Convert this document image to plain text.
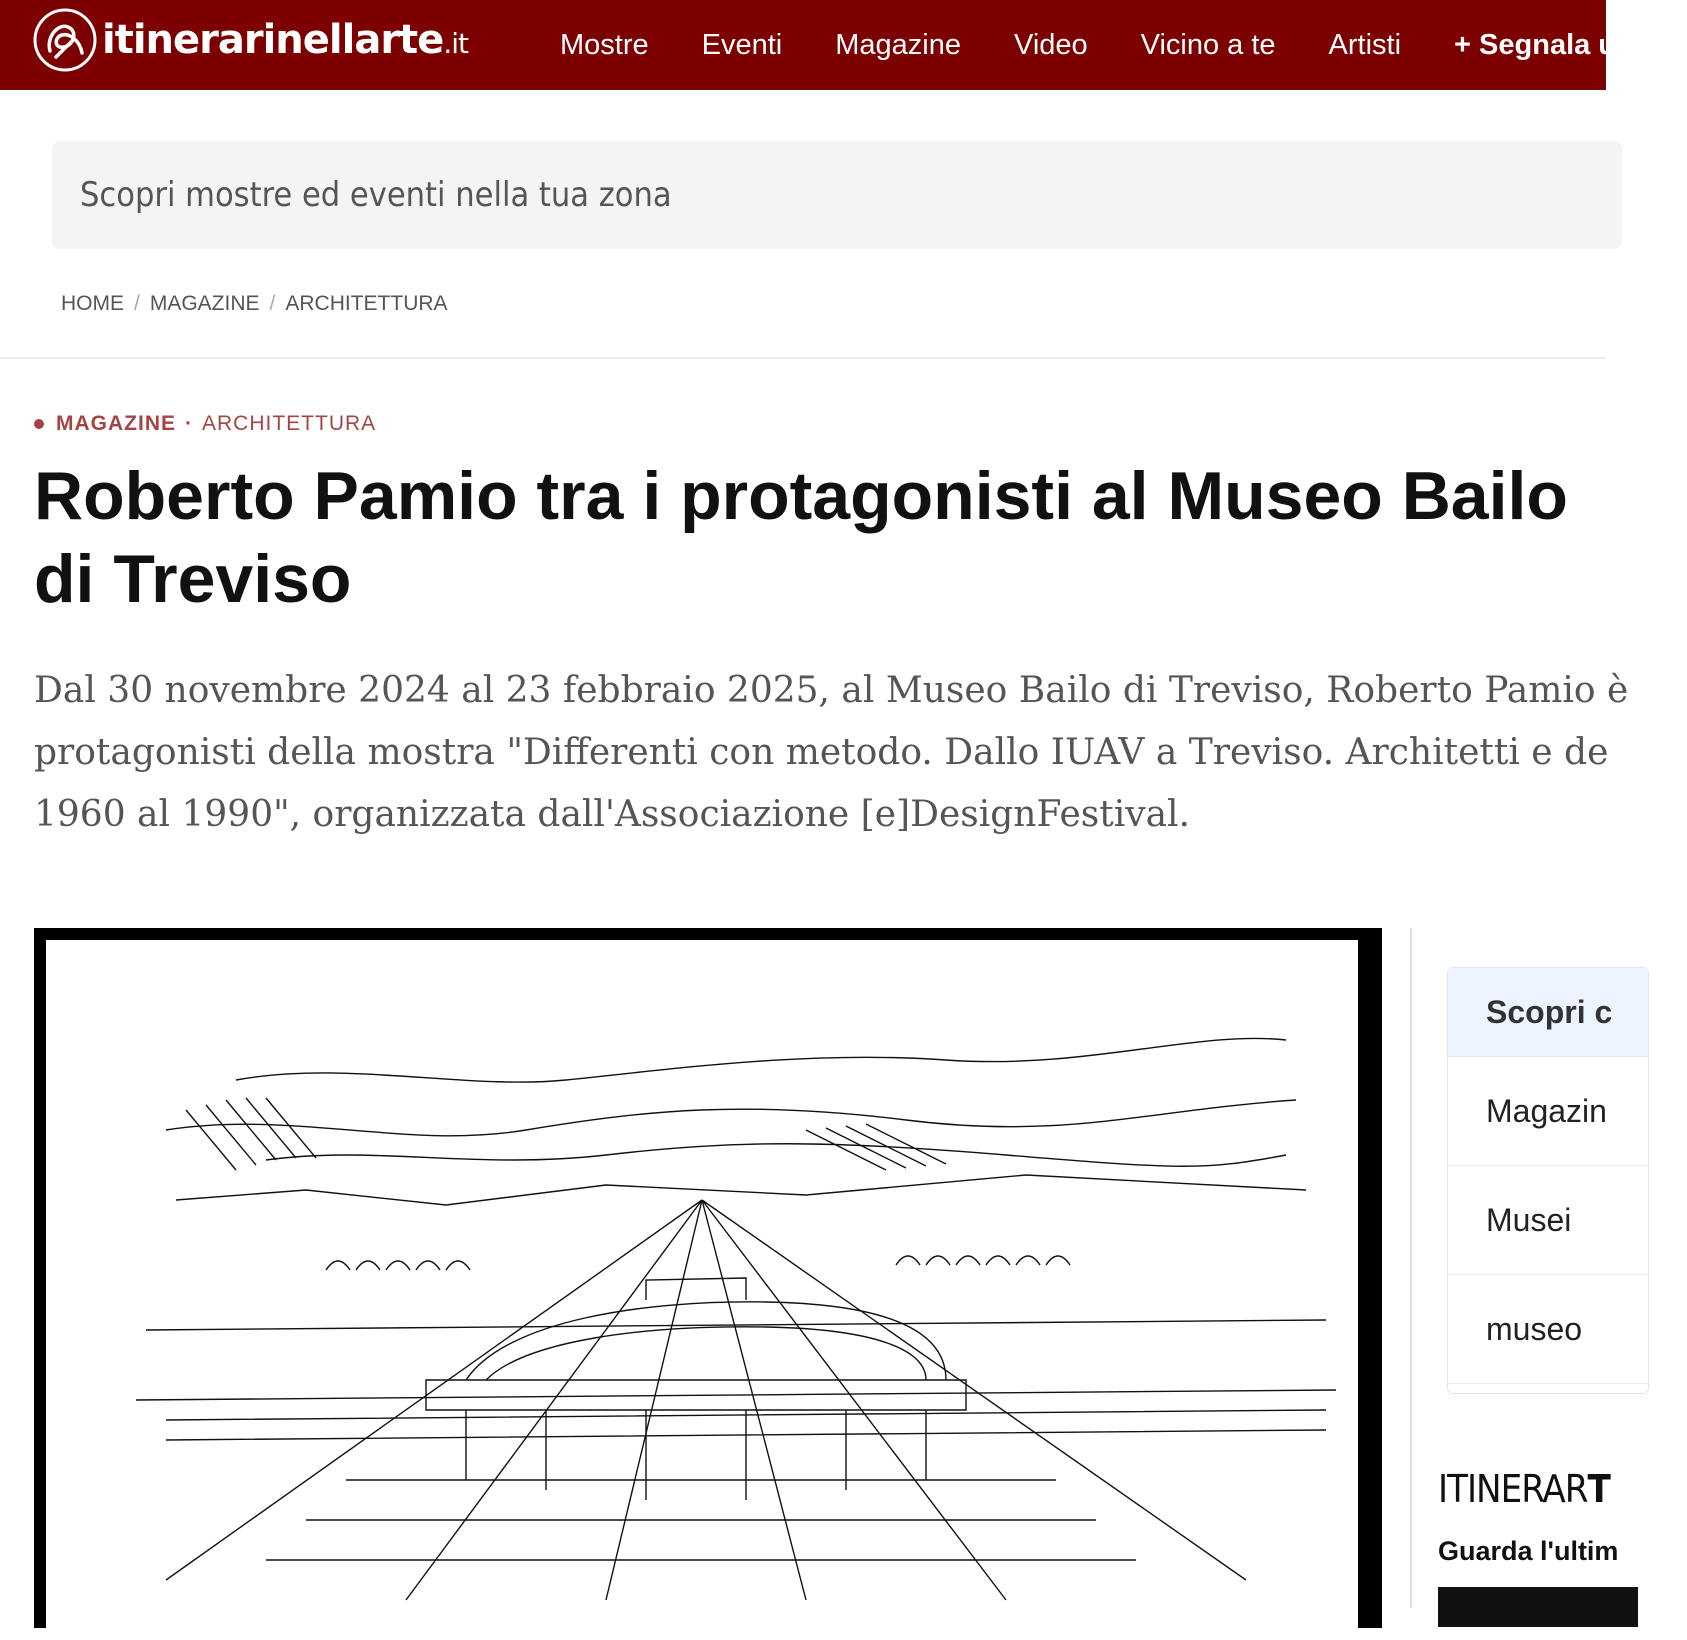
itinerarinellarte.it	Mostre Eventi Magazine Video Vicino a te Artisti + Segnala un
Scopri mostre ed eventi nella tua zona
HOME / MAGAZINE / ARCHITETTURA
MAGAZINE · ARCHITETTURA
Roberto Pamio tra i protagonisti al Museo Bailo di Treviso

Dal 30 novembre 2024 al 23 febbraio 2025, al Museo Bailo di Treviso, Roberto Pamio è
protagonisti della mostra "Differenti con metodo. Dallo IUAV a Treviso. Architetti e de
1960 al 1990", organizzata dall'Associazione [e]DesignFestival.

Scopri c
Magazin
Musei
museo
ITINERART
Guarda l'ultim
